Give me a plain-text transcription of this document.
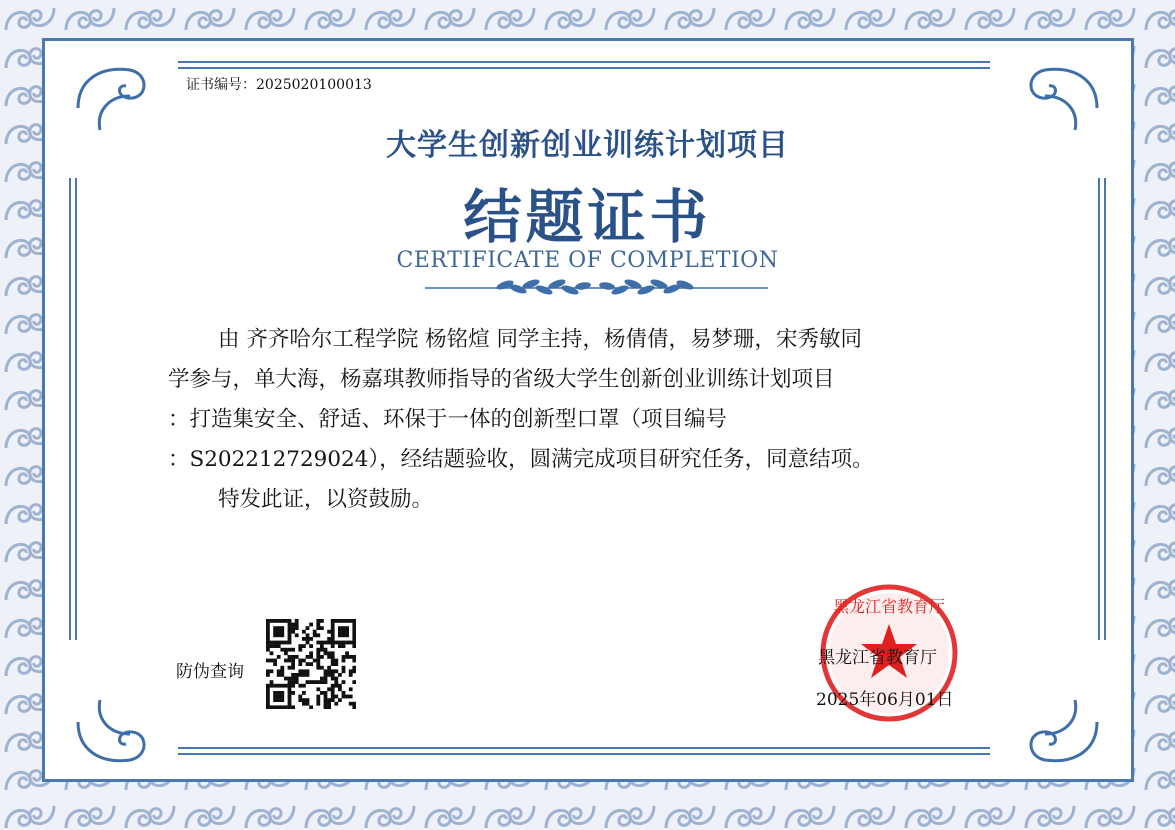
证书编号：2025020100013
大学生创新创业训练计划项目
结题证书
CERTIFICATE OF COMPLETION

由 齐齐哈尔工程学院 杨铭煊 同学主持，杨倩倩，易梦珊，宋秀敏同

学参与，单大海，杨嘉琪教师指导的省级大学生创新创业训练计划项目

：打造集安全、舒适、环保于一体的创新型口罩（项目编号

：S202212729024），经结题验收，圆满完成项目研究任务，同意结项。

特发此证，以资鼓励。

防伪查询
黑龙江省教育厅
黑龙江省教育厅
2025年06月01日
